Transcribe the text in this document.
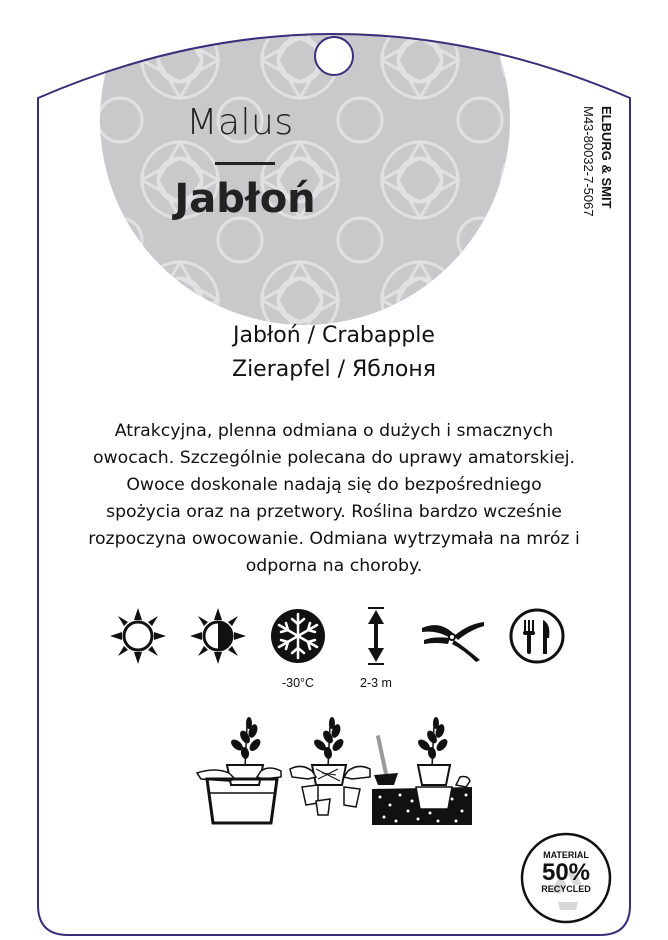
Malus
Jabłoń	ELBURG & SMIT
M43-80032-7-5067
Jabłoń / Crabapple
Zierapfel / Яблоня
Atrakcyjna, plenna odmiana o dużych i smacznych
owocach. Szczególnie polecana do uprawy amatorskiej.
Owoce doskonale nadają się do bezpośredniego
spożycia oraz na przetwory. Roślina bardzo wcześnie
rozpoczyna owocowanie. Odmiana wytrzymała na mróz i
odporna na choroby.
-30°C	2-3 m
MATERIAL
50%
RECYCLED
